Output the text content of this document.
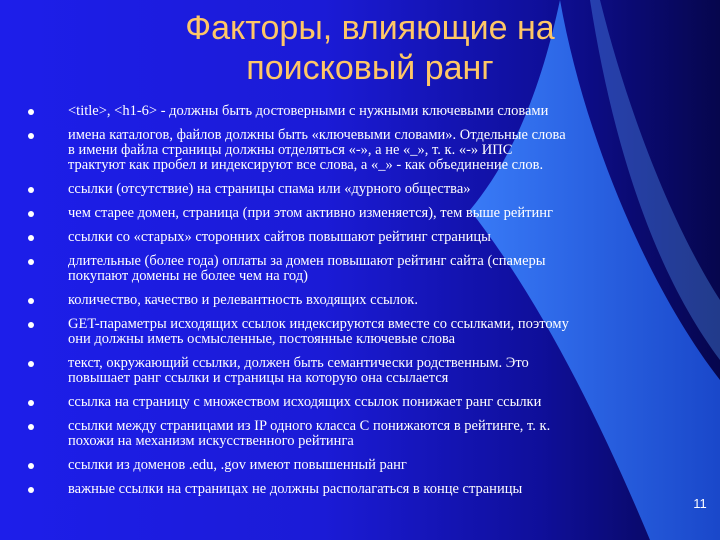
Факторы, влияющие на
поисковый ранг
<title>, <h1-6> - должны быть достоверными с нужными ключевыми словами
имена каталогов, файлов должны быть «ключевыми словами». Отдельные слова
в имени файла страницы должны отделяться «-», а не «_», т. к. «-» ИПС
трактуют как пробел и индексируют все слова, а «_» - как объединение слов.
ссылки (отсутствие) на страницы спама или «дурного общества»
чем старее домен, страница (при этом активно изменяется), тем выше рейтинг
ссылки со «старых» сторонних сайтов повышают рейтинг страницы
длительные (более года) оплаты за домен повышают рейтинг сайта (спамеры
покупают домены не более чем на год)
количество, качество и релевантность входящих ссылок.
GET-параметры исходящих ссылок индексируются вместе со ссылками, поэтому
они должны иметь осмысленные, постоянные ключевые слова
текст, окружающий ссылки, должен быть семантически родственным. Это
повышает ранг ссылки и страницы на которую она ссылается
ссылка на страницу с множеством исходящих ссылок понижает ранг ссылки
ссылки между страницами из IP одного класса C понижаются в рейтинге, т. к.
похожи на механизм искусственного рейтинга
ссылки из доменов .edu, .gov имеют повышенный ранг
важные ссылки на страницах не должны располагаться в конце страницы
11
